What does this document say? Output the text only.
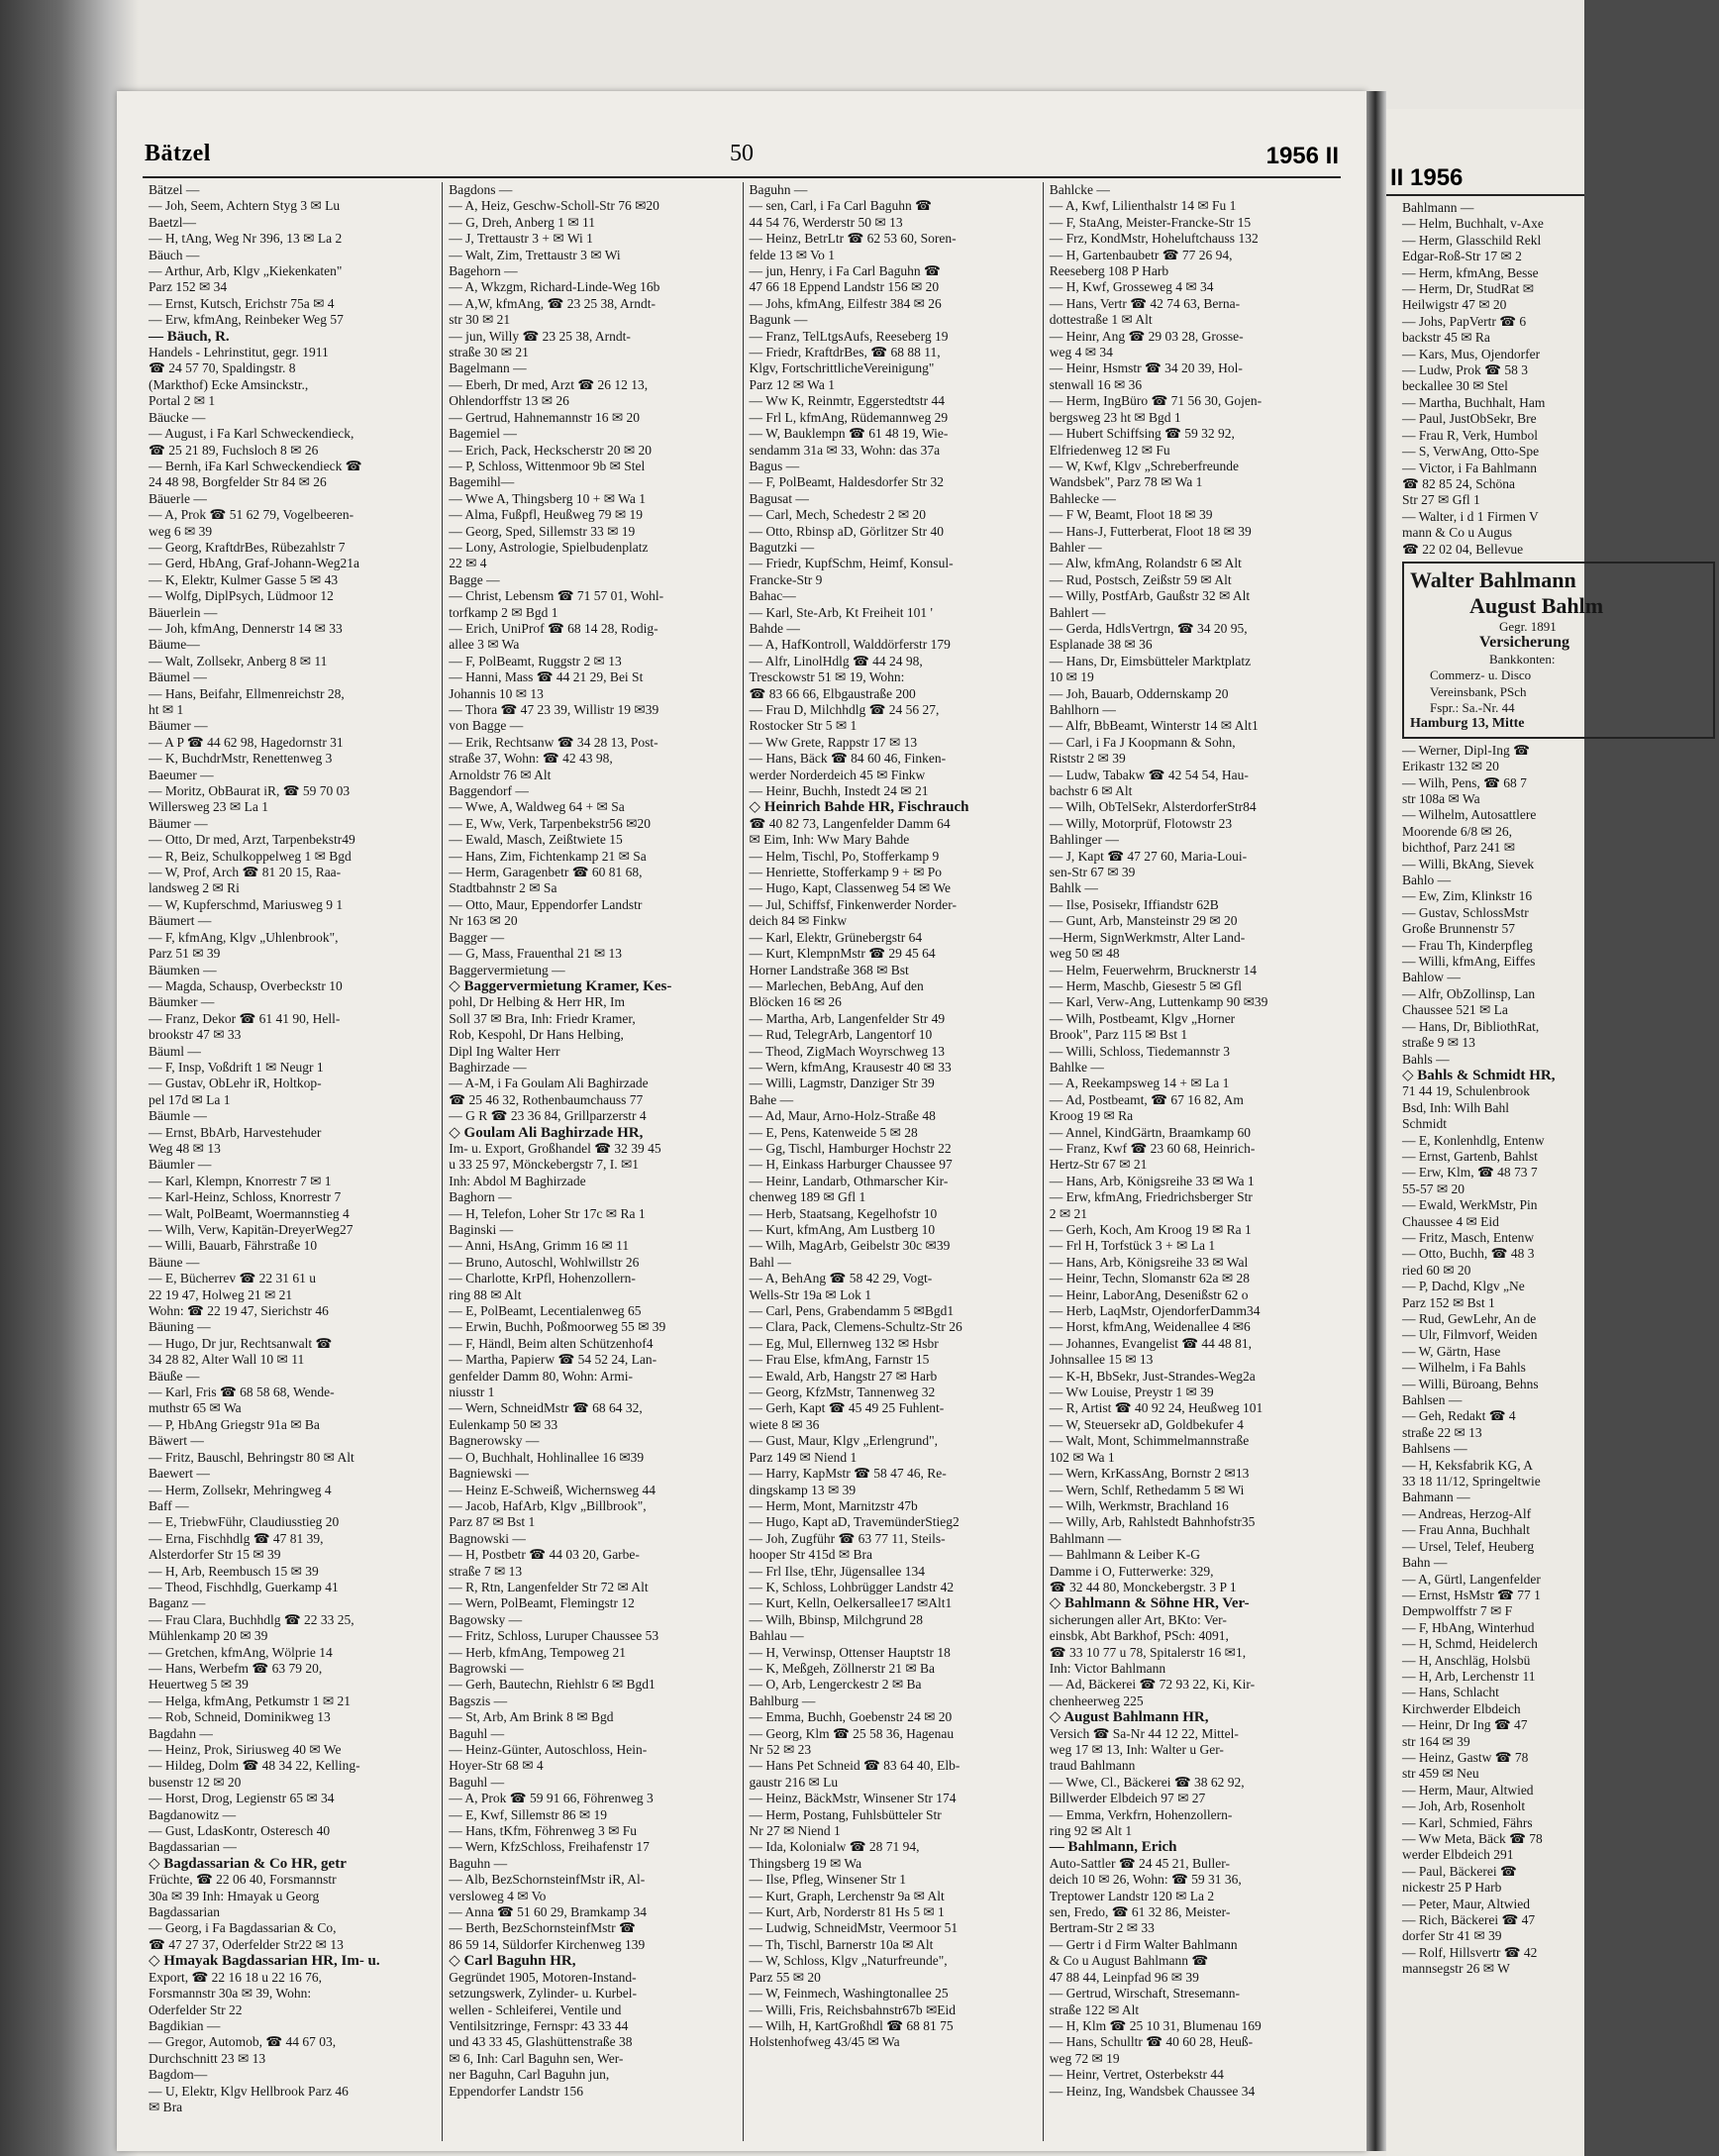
Bätzel	50	1956 II

Bätzel —

— Joh, Seem, Achtern Styg 3 ✉ Lu

Baetzl—

— H, tAng, Weg Nr 396, 13 ✉ La 2

Bäuch —

— Arthur, Arb, Klgv „Kiekenkaten"

Parz 152 ✉ 34

— Ernst, Kutsch, Erichstr 75a ✉ 4

— Erw, kfmAng, Reinbeker Weg 57

— Bäuch, R.

Handels - Lehrinstitut, gegr. 1911

☎ 24 57 70, Spaldingstr. 8

(Markthof) Ecke Amsinckstr.,

Portal 2 ✉ 1

Bäucke —

— August, i Fa Karl Schweckendieck,

☎ 25 21 89, Fuchsloch 8 ✉ 26

— Bernh, iFa Karl Schweckendieck ☎

24 48 98, Borgfelder Str 84 ✉ 26

Bäuerle —

— A, Prok ☎ 51 62 79, Vogelbeeren-

weg 6 ✉ 39

— Georg, KraftdrBes, Rübezahlstr 7

— Gerd, HbAng, Graf-Johann-Weg21a

— K, Elektr, Kulmer Gasse 5 ✉ 43

— Wolfg, DiplPsych, Lüdmoor 12

Bäuerlein —

— Joh, kfmAng, Dennerstr 14 ✉ 33

Bäume—

— Walt, Zollsekr, Anberg 8 ✉ 11

Bäumel —

— Hans, Beifahr, Ellmenreichstr 28,

ht ✉ 1

Bäumer —

— A P ☎ 44 62 98, Hagedornstr 31

— K, BuchdrMstr, Renettenweg 3

Baeumer —

— Moritz, ObBaurat iR, ☎ 59 70 03

Willersweg 23 ✉ La 1

Bäumer —

— Otto, Dr med, Arzt, Tarpenbekstr49

— R, Beiz, Schulkoppelweg 1 ✉ Bgd

— W, Prof, Arch ☎ 81 20 15, Raa-

landsweg 2 ✉ Ri

— W, Kupferschmd, Mariusweg 9 1

Bäumert —

— F, kfmAng, Klgv „Uhlenbrook",

Parz 51 ✉ 39

Bäumken —

— Magda, Schausp, Overbeckstr 10

Bäumker —

— Franz, Dekor ☎ 61 41 90, Hell-

brookstr 47 ✉ 33

Bäuml —

— F, Insp, Voßdrift 1 ✉ Neugr 1

— Gustav, ObLehr iR, Holtkop-

pel 17d ✉ La 1

Bäumle —

— Ernst, BbArb, Harvestehuder

Weg 48 ✉ 13

Bäumler —

— Karl, Klempn, Knorrestr 7 ✉ 1

— Karl-Heinz, Schloss, Knorrestr 7

— Walt, PolBeamt, Woermannstieg 4

— Wilh, Verw, Kapitän-DreyerWeg27

— Willi, Bauarb, Fährstraße 10

Bäune —

— E, Bücherrev ☎ 22 31 61 u

22 19 47, Holweg 21 ✉ 21

Wohn: ☎ 22 19 47, Sierichstr 46

Bäuning —

— Hugo, Dr jur, Rechtsanwalt ☎

34 28 82, Alter Wall 10 ✉ 11

Bäuße —

— Karl, Fris ☎ 68 58 68, Wende-

muthstr 65 ✉ Wa

— P, HbAng Griegstr 91a ✉ Ba

Bäwert —

— Fritz, Bauschl, Behringstr 80 ✉ Alt

Baewert —

— Herm, Zollsekr, Mehringweg 4

Baff —

— E, TriebwFühr, Claudiusstieg 20

— Erna, Fischhdlg ☎ 47 81 39,

Alsterdorfer Str 15 ✉ 39

— H, Arb, Reembusch 15 ✉ 39

— Theod, Fischhdlg, Guerkamp 41

Baganz —

— Frau Clara, Buchhdlg ☎ 22 33 25,

Mühlenkamp 20 ✉ 39

— Gretchen, kfmAng, Wölprie 14

— Hans, Werbefm ☎ 63 79 20,

Heuertweg 5 ✉ 39

— Helga, kfmAng, Petkumstr 1 ✉ 21

— Rob, Schneid, Dominikweg 13

Bagdahn —

— Heinz, Prok, Siriusweg 40 ✉ We

— Hildeg, Dolm ☎ 48 34 22, Kelling-

busenstr 12 ✉ 20

— Horst, Drog, Legienstr 65 ✉ 34

Bagdanowitz —

— Gust, LdasKontr, Osteresch 40

Bagdassarian —

◇ Bagdassarian & Co HR, getr

Früchte, ☎ 22 06 40, Forsmannstr

30a ✉ 39 Inh: Hmayak u Georg

Bagdassarian

— Georg, i Fa Bagdassarian & Co,

☎ 47 27 37, Oderfelder Str22 ✉ 13

◇ Hmayak Bagdassarian HR, Im- u.

Export, ☎ 22 16 18 u 22 16 76,

Forsmannstr 30a ✉ 39, Wohn:

Oderfelder Str 22

Bagdikian —

— Gregor, Automob, ☎ 44 67 03,

Durchschnitt 23 ✉ 13

Bagdom—

— U, Elektr, Klgv Hellbrook Parz 46

✉ Bra

Bagdons —

— A, Heiz, Geschw-Scholl-Str 76 ✉20

— G, Dreh, Anberg 1 ✉ 11

— J, Trettaustr 3 + ✉ Wi 1

— Walt, Zim, Trettaustr 3 ✉ Wi

Bagehorn —

— A, Wkzgm, Richard-Linde-Weg 16b

— A,W, kfmAng, ☎ 23 25 38, Arndt-

str 30 ✉ 21

— jun, Willy ☎ 23 25 38, Arndt-

straße 30 ✉ 21

Bagelmann —

— Eberh, Dr med, Arzt ☎ 26 12 13,

Ohlendorffstr 13 ✉ 26

— Gertrud, Hahnemannstr 16 ✉ 20

Bagemiel —

— Erich, Pack, Heckscherstr 20 ✉ 20

— P, Schloss, Wittenmoor 9b ✉ Stel

Bagemihl—

— Wwe A, Thingsberg 10 + ✉ Wa 1

— Alma, Fußpfl, Heußweg 79 ✉ 19

— Georg, Sped, Sillemstr 33 ✉ 19

— Lony, Astrologie, Spielbudenplatz

22 ✉ 4

Bagge —

— Christ, Lebensm ☎ 71 57 01, Wohl-

torfkamp 2 ✉ Bgd 1

— Erich, UniProf ☎ 68 14 28, Rodig-

allee 3 ✉ Wa

— F, PolBeamt, Ruggstr 2 ✉ 13

— Hanni, Mass ☎ 44 21 29, Bei St

Johannis 10 ✉ 13

— Thora ☎ 47 23 39, Willistr 19 ✉39

von Bagge —

— Erik, Rechtsanw ☎ 34 28 13, Post-

straße 37, Wohn: ☎ 42 43 98,

Arnoldstr 76 ✉ Alt

Baggendorf —

— Wwe, A, Waldweg 64 + ✉ Sa

— E, Ww, Verk, Tarpenbekstr56 ✉20

— Ewald, Masch, Zeißtwiete 15

— Hans, Zim, Fichtenkamp 21 ✉ Sa

— Herm, Garagenbetr ☎ 60 81 68,

Stadtbahnstr 2 ✉ Sa

— Otto, Maur, Eppendorfer Landstr

Nr 163 ✉ 20

Bagger —

— G, Mass, Frauenthal 21 ✉ 13

Baggervermietung —

◇ Baggervermietung Kramer, Kes-

pohl, Dr Helbing & Herr HR, Im

Soll 37 ✉ Bra, Inh: Friedr Kramer,

Rob, Kespohl, Dr Hans Helbing,

Dipl Ing Walter Herr

Baghirzade —

— A-M, i Fa Goulam Ali Baghirzade

☎ 25 46 32, Rothenbaumchauss 77

— G R ☎ 23 36 84, Grillparzerstr 4

◇ Goulam Ali Baghirzade HR,

Im- u. Export, Großhandel ☎ 32 39 45

u 33 25 97, Mönckebergstr 7, I. ✉1

Inh: Abdol M Baghirzade

Baghorn —

— H, Telefon, Loher Str 17c ✉ Ra 1

Baginski —

— Anni, HsAng, Grimm 16 ✉ 11

— Bruno, Autoschl, Wohlwillstr 26

— Charlotte, KrPfl, Hohenzollern-

ring 88 ✉ Alt

— E, PolBeamt, Lecentialenweg 65

— Erwin, Buchh, Poßmoorweg 55 ✉ 39

— F, Händl, Beim alten Schützenhof4

— Martha, Papierw ☎ 54 52 24, Lan-

genfelder Damm 80, Wohn: Armi-

niusstr 1

— Wern, SchneidMstr ☎ 68 64 32,

Eulenkamp 50 ✉ 33

Bagnerowsky —

— O, Buchhalt, Hohlinallee 16 ✉39

Bagniewski —

— Heinz E-Schweiß, Wichernsweg 44

— Jacob, HafArb, Klgv „Billbrook",

Parz 87 ✉ Bst 1

Bagnowski —

— H, Postbetr ☎ 44 03 20, Garbe-

straße 7 ✉ 13

— R, Rtn, Langenfelder Str 72 ✉ Alt

— Wern, PolBeamt, Flemingstr 12

Bagowsky —

— Fritz, Schloss, Luruper Chaussee 53

— Herb, kfmAng, Tempoweg 21

Bagrowski —

— Gerh, Bautechn, Riehlstr 6 ✉ Bgd1

Bagszis —

— St, Arb, Am Brink 8 ✉ Bgd

Baguhl —

— Heinz-Günter, Autoschloss, Hein-

Hoyer-Str 68 ✉ 4

Baguhl —

— A, Prok ☎ 59 91 66, Föhrenweg 3

— E, Kwf, Sillemstr 86 ✉ 19

— Hans, tKfm, Föhrenweg 3 ✉ Fu

— Wern, KfzSchloss, Freihafenstr 17

Baguhn —

— Alb, BezSchornsteinfMstr iR, Al-

versloweg 4 ✉ Vo

— Anna ☎ 51 60 29, Bramkamp 34

— Berth, BezSchornsteinfMstr ☎

86 59 14, Süldorfer Kirchenweg 139

◇ Carl Baguhn HR,

Gegründet 1905, Motoren-Instand-

setzungswerk, Zylinder- u. Kurbel-

wellen - Schleiferei, Ventile und

Ventilsitzringe, Fernspr: 43 33 44

und 43 33 45, Glashüttenstraße 38

✉ 6, Inh: Carl Baguhn sen, Wer-

ner Baguhn, Carl Baguhn jun,

Eppendorfer Landstr 156

Baguhn —

— sen, Carl, i Fa Carl Baguhn ☎

44 54 76, Werderstr 50 ✉ 13

— Heinz, BetrLtr ☎ 62 53 60, Soren-

felde 13 ✉ Vo 1

— jun, Henry, i Fa Carl Baguhn ☎

47 66 18 Eppend Landstr 156 ✉ 20

— Johs, kfmAng, Eilfestr 384 ✉ 26

Bagunk —

— Franz, TelLtgsAufs, Reeseberg 19

— Friedr, KraftdrBes, ☎ 68 88 11,

Klgv, FortschrittlicheVereinigung"

Parz 12 ✉ Wa 1

— Ww K, Reinmtr, Eggerstedtstr 44

— Frl L, kfmAng, Rüdemannweg 29

— W, Bauklempn ☎ 61 48 19, Wie-

sendamm 31a ✉ 33, Wohn: das 37a

Bagus —

— F, PolBeamt, Haldesdorfer Str 32

Bagusat —

— Carl, Mech, Schedestr 2 ✉ 20

— Otto, Rbinsp aD, Görlitzer Str 40

Bagutzki —

— Friedr, KupfSchm, Heimf, Konsul-

Francke-Str 9

Bahac—

— Karl, Ste-Arb, Kt Freiheit 101 '

Bahde —

— A, HafKontroll, Walddörferstr 179

— Alfr, LinolHdlg ☎ 44 24 98,

Tresckowstr 51 ✉ 19, Wohn:

☎ 83 66 66, Elbgaustraße 200

— Frau D, Milchhdlg ☎ 24 56 27,

Rostocker Str 5 ✉ 1

— Ww Grete, Rappstr 17 ✉ 13

— Hans, Bäck ☎ 84 60 46, Finken-

werder Norderdeich 45 ✉ Finkw

— Heinr, Buchh, Instedt 24 ✉ 21

◇ Heinrich Bahde HR, Fischrauch

☎ 40 82 73, Langenfelder Damm 64

✉ Eim, Inh: Ww Mary Bahde

— Helm, Tischl, Po, Stofferkamp 9

— Henriette, Stofferkamp 9 + ✉ Po

— Hugo, Kapt, Classenweg 54 ✉ We

— Jul, Schiffsf, Finkenwerder Norder-

deich 84 ✉ Finkw

— Karl, Elektr, Grünebergstr 64

— Kurt, KlempnMstr ☎ 29 45 64

Horner Landstraße 368 ✉ Bst

— Marlechen, BebAng, Auf den

Blöcken 16 ✉ 26

— Martha, Arb, Langenfelder Str 49

— Rud, TelegrArb, Langentorf 10

— Theod, ZigMach Woyrschweg 13

— Wern, kfmAng, Krausestr 40 ✉ 33

— Willi, Lagmstr, Danziger Str 39

Bahe —

— Ad, Maur, Arno-Holz-Straße 48

— E, Pens, Katenweide 5 ✉ 28

— Gg, Tischl, Hamburger Hochstr 22

— H, Einkass Harburger Chaussee 97

— Heinr, Landarb, Othmarscher Kir-

chenweg 189 ✉ Gfl 1

— Herb, Staatsang, Kegelhofstr 10

— Kurt, kfmAng, Am Lustberg 10

— Wilh, MagArb, Geibelstr 30c ✉39

Bahl —

— A, BehAng ☎ 58 42 29, Vogt-

Wells-Str 19a ✉ Lok 1

— Carl, Pens, Grabendamm 5 ✉Bgd1

— Clara, Pack, Clemens-Schultz-Str 26

— Eg, Mul, Ellernweg 132 ✉ Hsbr

— Frau Else, kfmAng, Farnstr 15

— Ewald, Arb, Hangstr 27 ✉ Harb

— Georg, KfzMstr, Tannenweg 32

— Gerh, Kapt ☎ 45 49 25 Fuhlent-

wiete 8 ✉ 36

— Gust, Maur, Klgv „Erlengrund",

Parz 149 ✉ Niend 1

— Harry, KapMstr ☎ 58 47 46, Re-

dingskamp 13 ✉ 39

— Herm, Mont, Marnitzstr 47b

— Hugo, Kapt aD, TravemünderStieg2

— Joh, Zugführ ☎ 63 77 11, Steils-

hooper Str 415d ✉ Bra

— Frl Ilse, tEhr, Jügensallee 134

— K, Schloss, Lohbrügger Landstr 42

— Kurt, Kelln, Oelkersallee17 ✉Alt1

— Wilh, Bbinsp, Milchgrund 28

Bahlau —

— H, Verwinsp, Ottenser Hauptstr 18

— K, Meßgeh, Zöllnerstr 21 ✉ Ba

— O, Arb, Lengerckestr 2 ✉ Ba

Bahlburg —

— Emma, Buchh, Goebenstr 24 ✉ 20

— Georg, Klm ☎ 25 58 36, Hagenau

Nr 52 ✉ 23

— Hans Pet Schneid ☎ 83 64 40, Elb-

gaustr 216 ✉ Lu

— Heinz, BäckMstr, Winsener Str 174

— Herm, Postang, Fuhlsbütteler Str

Nr 27 ✉ Niend 1

— Ida, Kolonialw ☎ 28 71 94,

Thingsberg 19 ✉ Wa

— Ilse, Pfleg, Winsener Str 1

— Kurt, Graph, Lerchenstr 9a ✉ Alt

— Kurt, Arb, Norderstr 81 Hs 5 ✉ 1

— Ludwig, SchneidMstr, Veermoor 51

— Th, Tischl, Barnerstr 10a ✉ Alt

— W, Schloss, Klgv „Naturfreunde",

Parz 55 ✉ 20

— W, Feinmech, Washingtonallee 25

— Willi, Fris, Reichsbahnstr67b ✉Eid

— Wilh, H, KartGroßhdl ☎ 68 81 75

Holstenhofweg 43/45 ✉ Wa

Bahlcke —

— A, Kwf, Lilienthalstr 14 ✉ Fu 1

— F, StaAng, Meister-Francke-Str 15

— Frz, KondMstr, Hoheluftchauss 132

— H, Gartenbaubetr ☎ 77 26 94,

Reeseberg 108 P Harb

— H, Kwf, Grosseweg 4 ✉ 34

— Hans, Vertr ☎ 42 74 63, Berna-

dottestraße 1 ✉ Alt

— Heinr, Ang ☎ 29 03 28, Grosse-

weg 4 ✉ 34

— Heinr, Hsmstr ☎ 34 20 39, Hol-

stenwall 16 ✉ 36

— Herm, IngBüro ☎ 71 56 30, Gojen-

bergsweg 23 ht ✉ Bgd 1

— Hubert Schiffsing ☎ 59 32 92,

Elfriedenweg 12 ✉ Fu

— W, Kwf, Klgv „Schreberfreunde

Wandsbek", Parz 78 ✉ Wa 1

Bahlecke —

— F W, Beamt, Floot 18 ✉ 39

— Hans-J, Futterberat, Floot 18 ✉ 39

Bahler —

— Alw, kfmAng, Rolandstr 6 ✉ Alt

— Rud, Postsch, Zeißstr 59 ✉ Alt

— Willy, PostfArb, Gaußstr 32 ✉ Alt

Bahlert —

— Gerda, HdlsVertrgn, ☎ 34 20 95,

Esplanade 38 ✉ 36

— Hans, Dr, Eimsbütteler Marktplatz

10 ✉ 19

— Joh, Bauarb, Oddernskamp 20

Bahlhorn —

— Alfr, BbBeamt, Winterstr 14 ✉ Alt1

— Carl, i Fa J Koopmann & Sohn,

Riststr 2 ✉ 39

— Ludw, Tabakw ☎ 42 54 54, Hau-

bachstr 6 ✉ Alt

— Wilh, ObTelSekr, AlsterdorferStr84

— Willy, Motorprüf, Flotowstr 23

Bahlinger —

— J, Kapt ☎ 47 27 60, Maria-Loui-

sen-Str 67 ✉ 39

Bahlk —

— Ilse, Posisekr, Iffiandstr 62B

— Gunt, Arb, Mansteinstr 29 ✉ 20

—Herm, SignWerkmstr, Alter Land-

weg 50 ✉ 48

— Helm, Feuerwehrm, Brucknerstr 14

— Herm, Maschb, Giesestr 5 ✉ Gfl

— Karl, Verw-Ang, Luttenkamp 90 ✉39

— Wilh, Postbeamt, Klgv „Horner

Brook", Parz 115 ✉ Bst 1

— Willi, Schloss, Tiedemannstr 3

Bahlke —

— A, Reekampsweg 14 + ✉ La 1

— Ad, Postbeamt, ☎ 67 16 82, Am

Kroog 19 ✉ Ra

— Annel, KindGärtn, Braamkamp 60

— Franz, Kwf ☎ 23 60 68, Heinrich-

Hertz-Str 67 ✉ 21

— Hans, Arb, Königsreihe 33 ✉ Wa 1

— Erw, kfmAng, Friedrichsberger Str

2 ✉ 21

— Gerh, Koch, Am Kroog 19 ✉ Ra 1

— Frl H, Torfstück 3 + ✉ La 1

— Hans, Arb, Königsreihe 33 ✉ Wal

— Heinr, Techn, Slomanstr 62a ✉ 28

— Heinr, LaborAng, Desenißstr 62 o

— Herb, LaqMstr, OjendorferDamm34

— Horst, kfmAng, Weidenallee 4 ✉6

— Johannes, Evangelist ☎ 44 48 81,

Johnsallee 15 ✉ 13

— K-H, BbSekr, Just-Strandes-Weg2a

— Ww Louise, Preystr 1 ✉ 39

— R, Artist ☎ 40 92 24, Heußweg 101

— W, Steuersekr aD, Goldbekufer 4

— Walt, Mont, Schimmelmannstraße

102 ✉ Wa 1

— Wern, KrKassAng, Bornstr 2 ✉13

— Wern, Schlf, Rethedamm 5 ✉ Wi

— Wilh, Werkmstr, Brachland 16

— Willy, Arb, Rahlstedt Bahnhofstr35

Bahlmann —

— Bahlmann & Leiber K-G

Damme i O, Futterwerke: 329,

☎ 32 44 80, Monckebergstr. 3 P 1

◇ Bahlmann & Söhne HR, Ver-

sicherungen aller Art, BKto: Ver-

einsbk, Abt Barkhof, PSch: 4091,

☎ 33 10 77 u 78, Spitalerstr 16 ✉1,

Inh: Victor Bahlmann

— Ad, Bäckerei ☎ 72 93 22, Ki, Kir-

chenheerweg 225

◇ August Bahlmann HR,

Versich ☎ Sa-Nr 44 12 22, Mittel-

weg 17 ✉ 13, Inh: Walter u Ger-

traud Bahlmann

— Wwe, Cl., Bäckerei ☎ 38 62 92,

Billwerder Elbdeich 97 ✉ 27

— Emma, Verkfrn, Hohenzollern-

ring 92 ✉ Alt 1

— Bahlmann, Erich

Auto-Sattler ☎ 24 45 21, Buller-

deich 10 ✉ 26, Wohn: ☎ 59 31 36,

Treptower Landstr 120 ✉ La 2

sen, Fredo, ☎ 61 32 86, Meister-

Bertram-Str 2 ✉ 33

— Gertr i d Firm Walter Bahlmann

& Co u August Bahlmann ☎

47 88 44, Leinpfad 96 ✉ 39

— Gertrud, Wirschaft, Stresemann-

straße 122 ✉ Alt

— H, Klm ☎ 25 10 31, Blumenau 169

— Hans, Schulltr ☎ 40 60 28, Heuß-

weg 72 ✉ 19

— Heinr, Vertret, Osterbekstr 44

— Heinz, Ing, Wandsbek Chaussee 34

II 1956

Bahlmann —

— Helm, Buchhalt, v-Axe

— Herm, Glasschild Rekl

Edgar-Roß-Str 17 ✉ 2

— Herm, kfmAng, Besse

— Herm, Dr, StudRat ✉

Heilwigstr 47 ✉ 20

— Johs, PapVertr ☎ 6

backstr 45 ✉ Ra

— Kars, Mus, Ojendorfer

— Ludw, Prok ☎ 58 3

beckallee 30 ✉ Stel

— Martha, Buchhalt, Ham

— Paul, JustObSekr, Bre

— Frau R, Verk, Humbol

— S, VerwAng, Otto-Spe

— Victor, i Fa Bahlmann

☎ 82 85 24, Schöna

Str 27 ✉ Gfl 1

— Walter, i d 1 Firmen V

mann & Co u Augus

☎ 22 02 04, Bellevue

Walter Bahlmann
August Bahlm
Gegr. 1891
Versicherung
Bankkonten:
Commerz- u. Disco
Vereinsbank, PSch
Fspr.: Sa.-Nr. 44
Hamburg 13, Mitte

— Werner, Dipl-Ing ☎

Erikastr 132 ✉ 20

— Wilh, Pens, ☎ 68 7

str 108a ✉ Wa

— Wilhelm, Autosattlere

Moorende 6/8 ✉ 26,

bichthof, Parz 241 ✉

— Willi, BkAng, Sievek

Bahlo —

— Ew, Zim, Klinkstr 16

— Gustav, SchlossMstr

Große Brunnenstr 57

— Frau Th, Kinderpfleg

— Willi, kfmAng, Eiffes

Bahlow —

— Alfr, ObZollinsp, Lan

Chaussee 521 ✉ La

— Hans, Dr, BibliothRat,

straße 9 ✉ 13

Bahls —

◇ Bahls & Schmidt HR,

71 44 19, Schulenbrook

Bsd, Inh: Wilh Bahl

Schmidt

— E, Konlenhdlg, Entenw

— Ernst, Gartenb, Bahlst

— Erw, Klm, ☎ 48 73 7

55-57 ✉ 20

— Ewald, WerkMstr, Pin

Chaussee 4 ✉ Eid

— Fritz, Masch, Entenw

— Otto, Buchh, ☎ 48 3

ried 60 ✉ 20

— P, Dachd, Klgv „Ne

Parz 152 ✉ Bst 1

— Rud, GewLehr, An de

— Ulr, Filmvorf, Weiden

— W, Gärtn, Hase

— Wilhelm, i Fa Bahls

— Willi, Büroang, Behns

Bahlsen —

— Geh, Redakt ☎ 4

straße 22 ✉ 13

Bahlsens —

— H, Keksfabrik KG, A

33 18 11/12, Springeltwie

Bahmann —

— Andreas, Herzog-Alf

— Frau Anna, Buchhalt

— Ursel, Telef, Heuberg

Bahn —

— A, Gürtl, Langenfelder

— Ernst, HsMstr ☎ 77 1

Dempwolffstr 7 ✉ F

— F, HbAng, Winterhud

— H, Schmd, Heidelerch

— H, Anschläg, Holsbü

— H, Arb, Lerchenstr 11

— Hans, Schlacht

Kirchwerder Elbdeich

— Heinr, Dr Ing ☎ 47

str 164 ✉ 39

— Heinz, Gastw ☎ 78

str 459 ✉ Neu

— Herm, Maur, Altwied

— Joh, Arb, Rosenholt

— Karl, Schmied, Fährs

— Ww Meta, Bäck ☎ 78

werder Elbdeich 291

— Paul, Bäckerei ☎

nickestr 25 P Harb

— Peter, Maur, Altwied

— Rich, Bäckerei ☎ 47

dorfer Str 41 ✉ 39

— Rolf, Hillsvertr ☎ 42

mannsegstr 26 ✉ W
